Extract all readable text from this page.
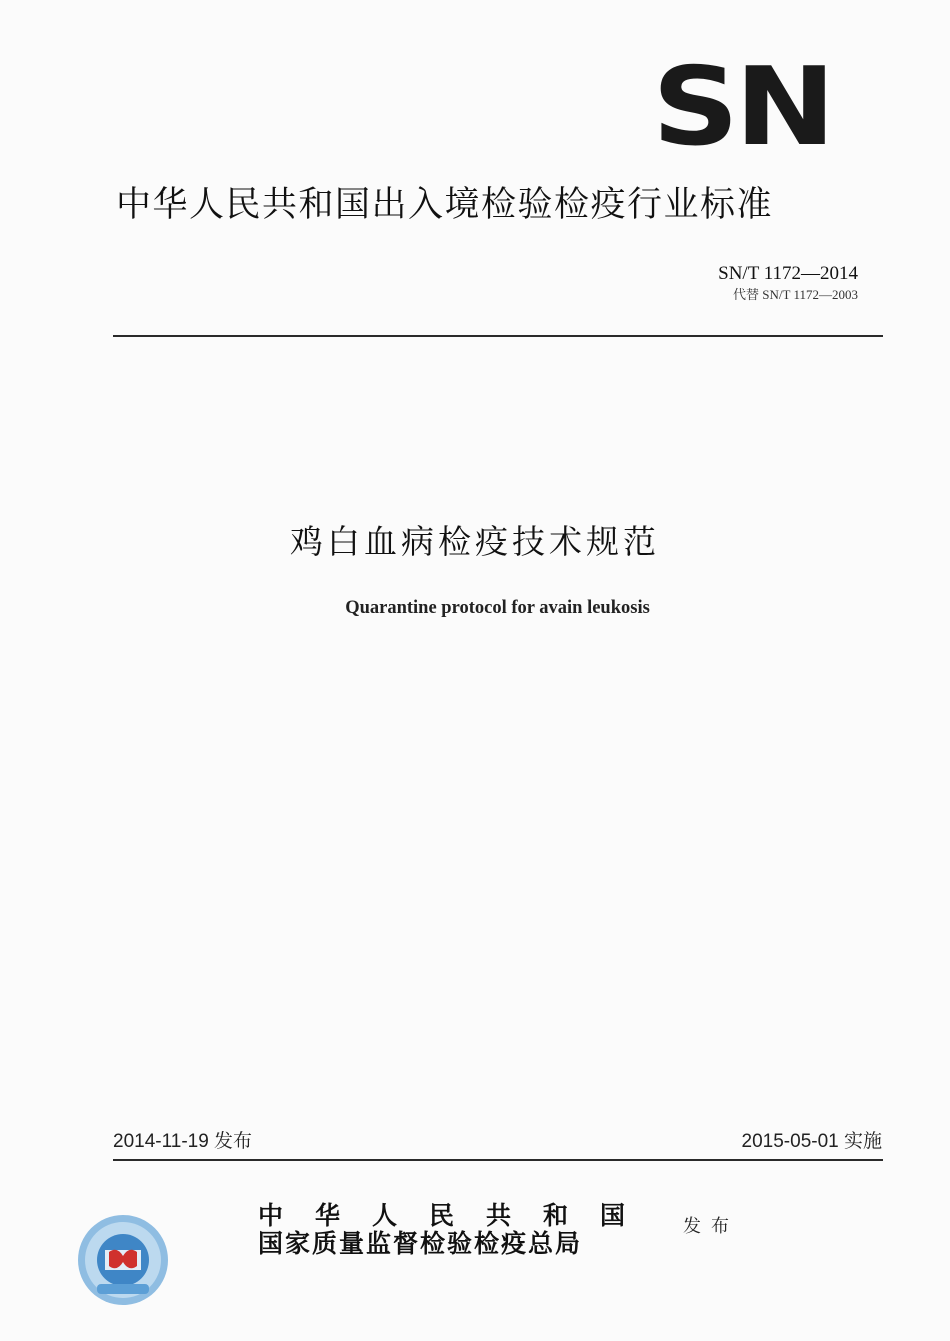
SN
中华人民共和国出入境检验检疫行业标准
SN/T 1172—2014
代替 SN/T 1172—2003
鸡白血病检疫技术规范
Quarantine protocol for avain leukosis
2014-11-19 发布	2015-05-01 实施
中华人民共和国
国家质量监督检验检疫总局
发布
